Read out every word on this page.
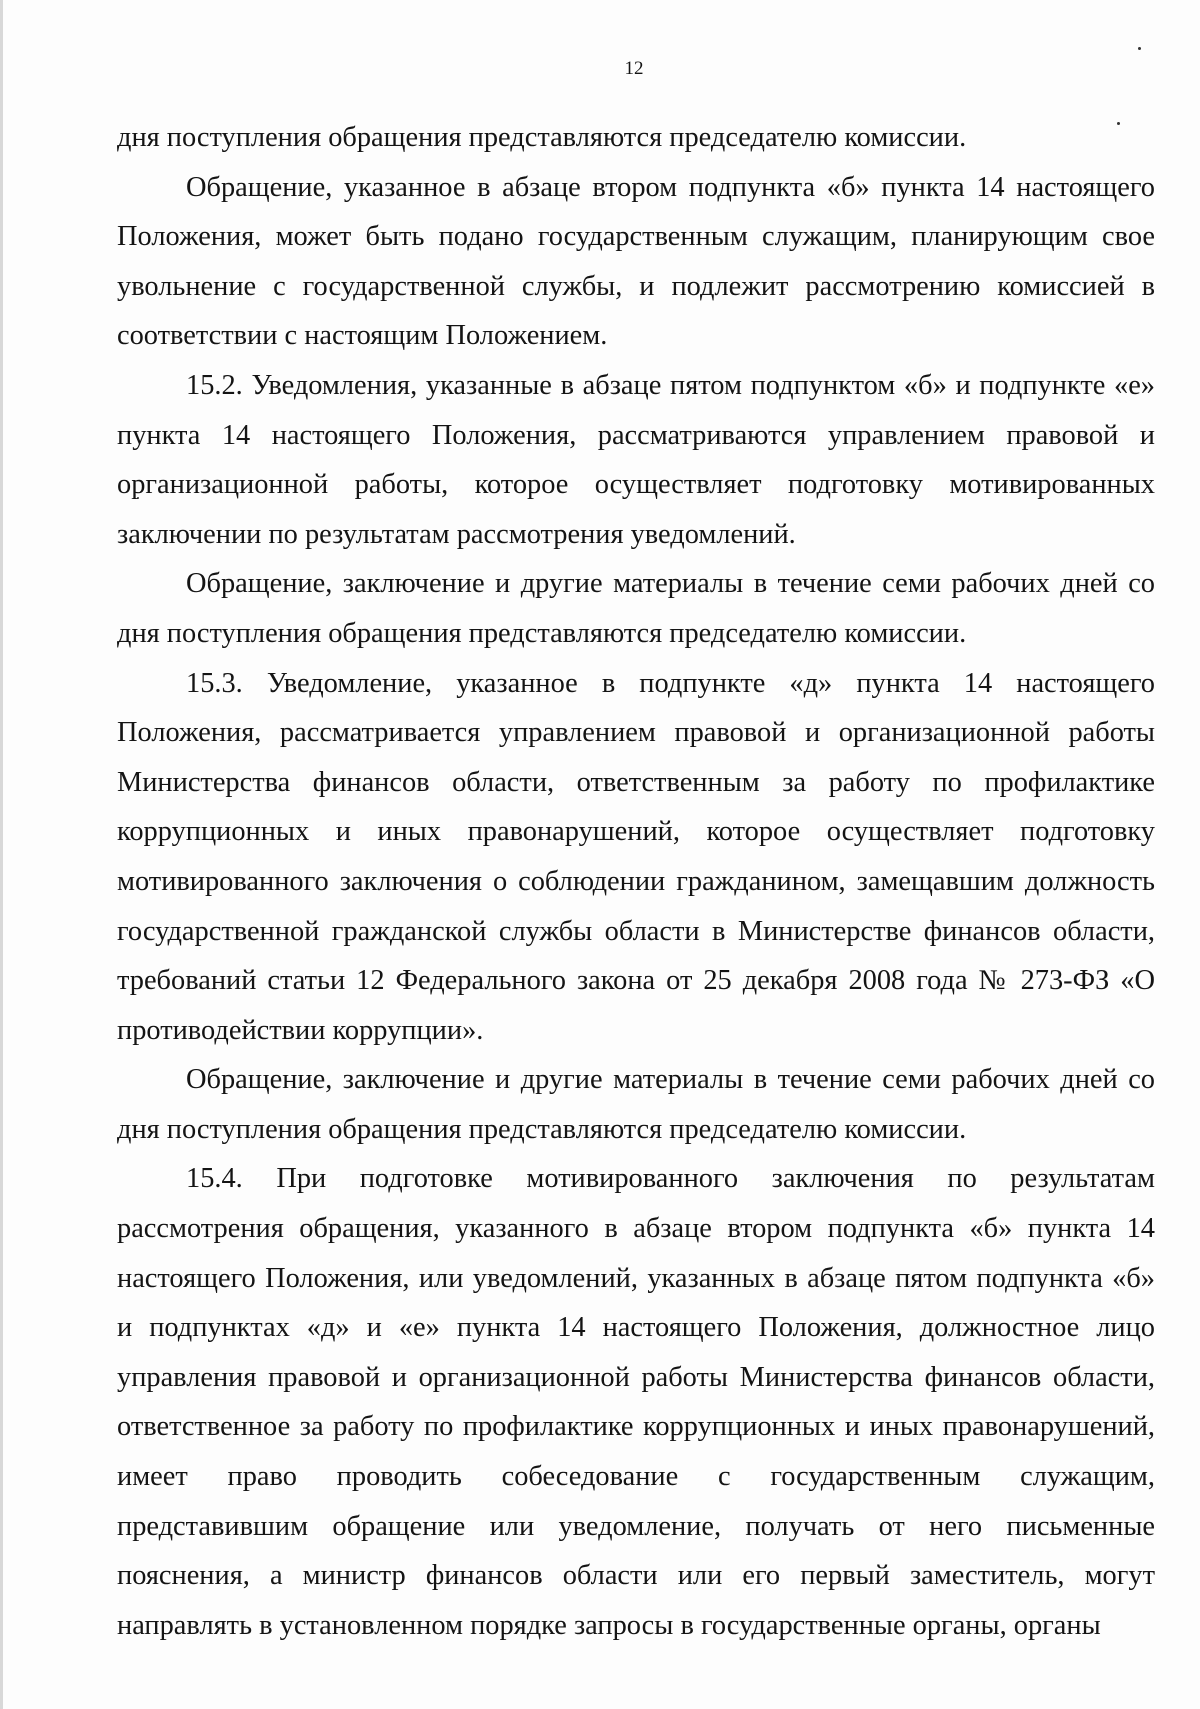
12

дня поступления обращения представляются председателю комиссии.

Обращение, указанное в абзаце втором подпункта «б» пункта 14 настоящего Положения, может быть подано государственным служащим, планирующим свое увольнение с государственной службы, и подлежит рассмотрению комиссией в соответствии с настоящим Положением.

15.2. Уведомления, указанные в абзаце пятом подпунктом «б» и подпункте «е» пункта 14 настоящего Положения, рассматриваются управлением правовой и организационной работы, которое осуществляет подготовку мотивированных заключении по результатам рассмотрения уведомлений.

Обращение, заключение и другие материалы в течение семи рабочих дней со дня поступления обращения представляются председателю комиссии.

15.3. Уведомление, указанное в подпункте «д» пункта 14 настоящего Положения, рассматривается управлением правовой и организационной работы Министерства финансов области, ответственным за работу по профилактике коррупционных и иных правонарушений, которое осуществляет подготовку мотивированного заключения о соблюдении гражданином, замещавшим должность государственной гражданской службы области в Министерстве финансов области, требований статьи 12 Федерального закона от 25 декабря 2008 года № 273-ФЗ «О противодействии коррупции».

Обращение, заключение и другие материалы в течение семи рабочих дней со дня поступления обращения представляются председателю комиссии.

15.4. При подготовке мотивированного заключения по результатам рассмотрения обращения, указанного в абзаце втором подпункта «б» пункта 14 настоящего Положения, или уведомлений, указанных в абзаце пятом подпункта «б» и подпунктах «д» и «е» пункта 14 настоящего Положения, должностное лицо управления правовой и организационной работы Министерства финансов области, ответственное за работу по профилактике коррупционных и иных правонарушений, имеет право проводить собеседование с государственным служащим, представившим обращение или уведомление, получать от него письменные пояснения, а министр финансов области или его первый заместитель, могут направлять в установленном порядке запросы в государственные органы, органы
